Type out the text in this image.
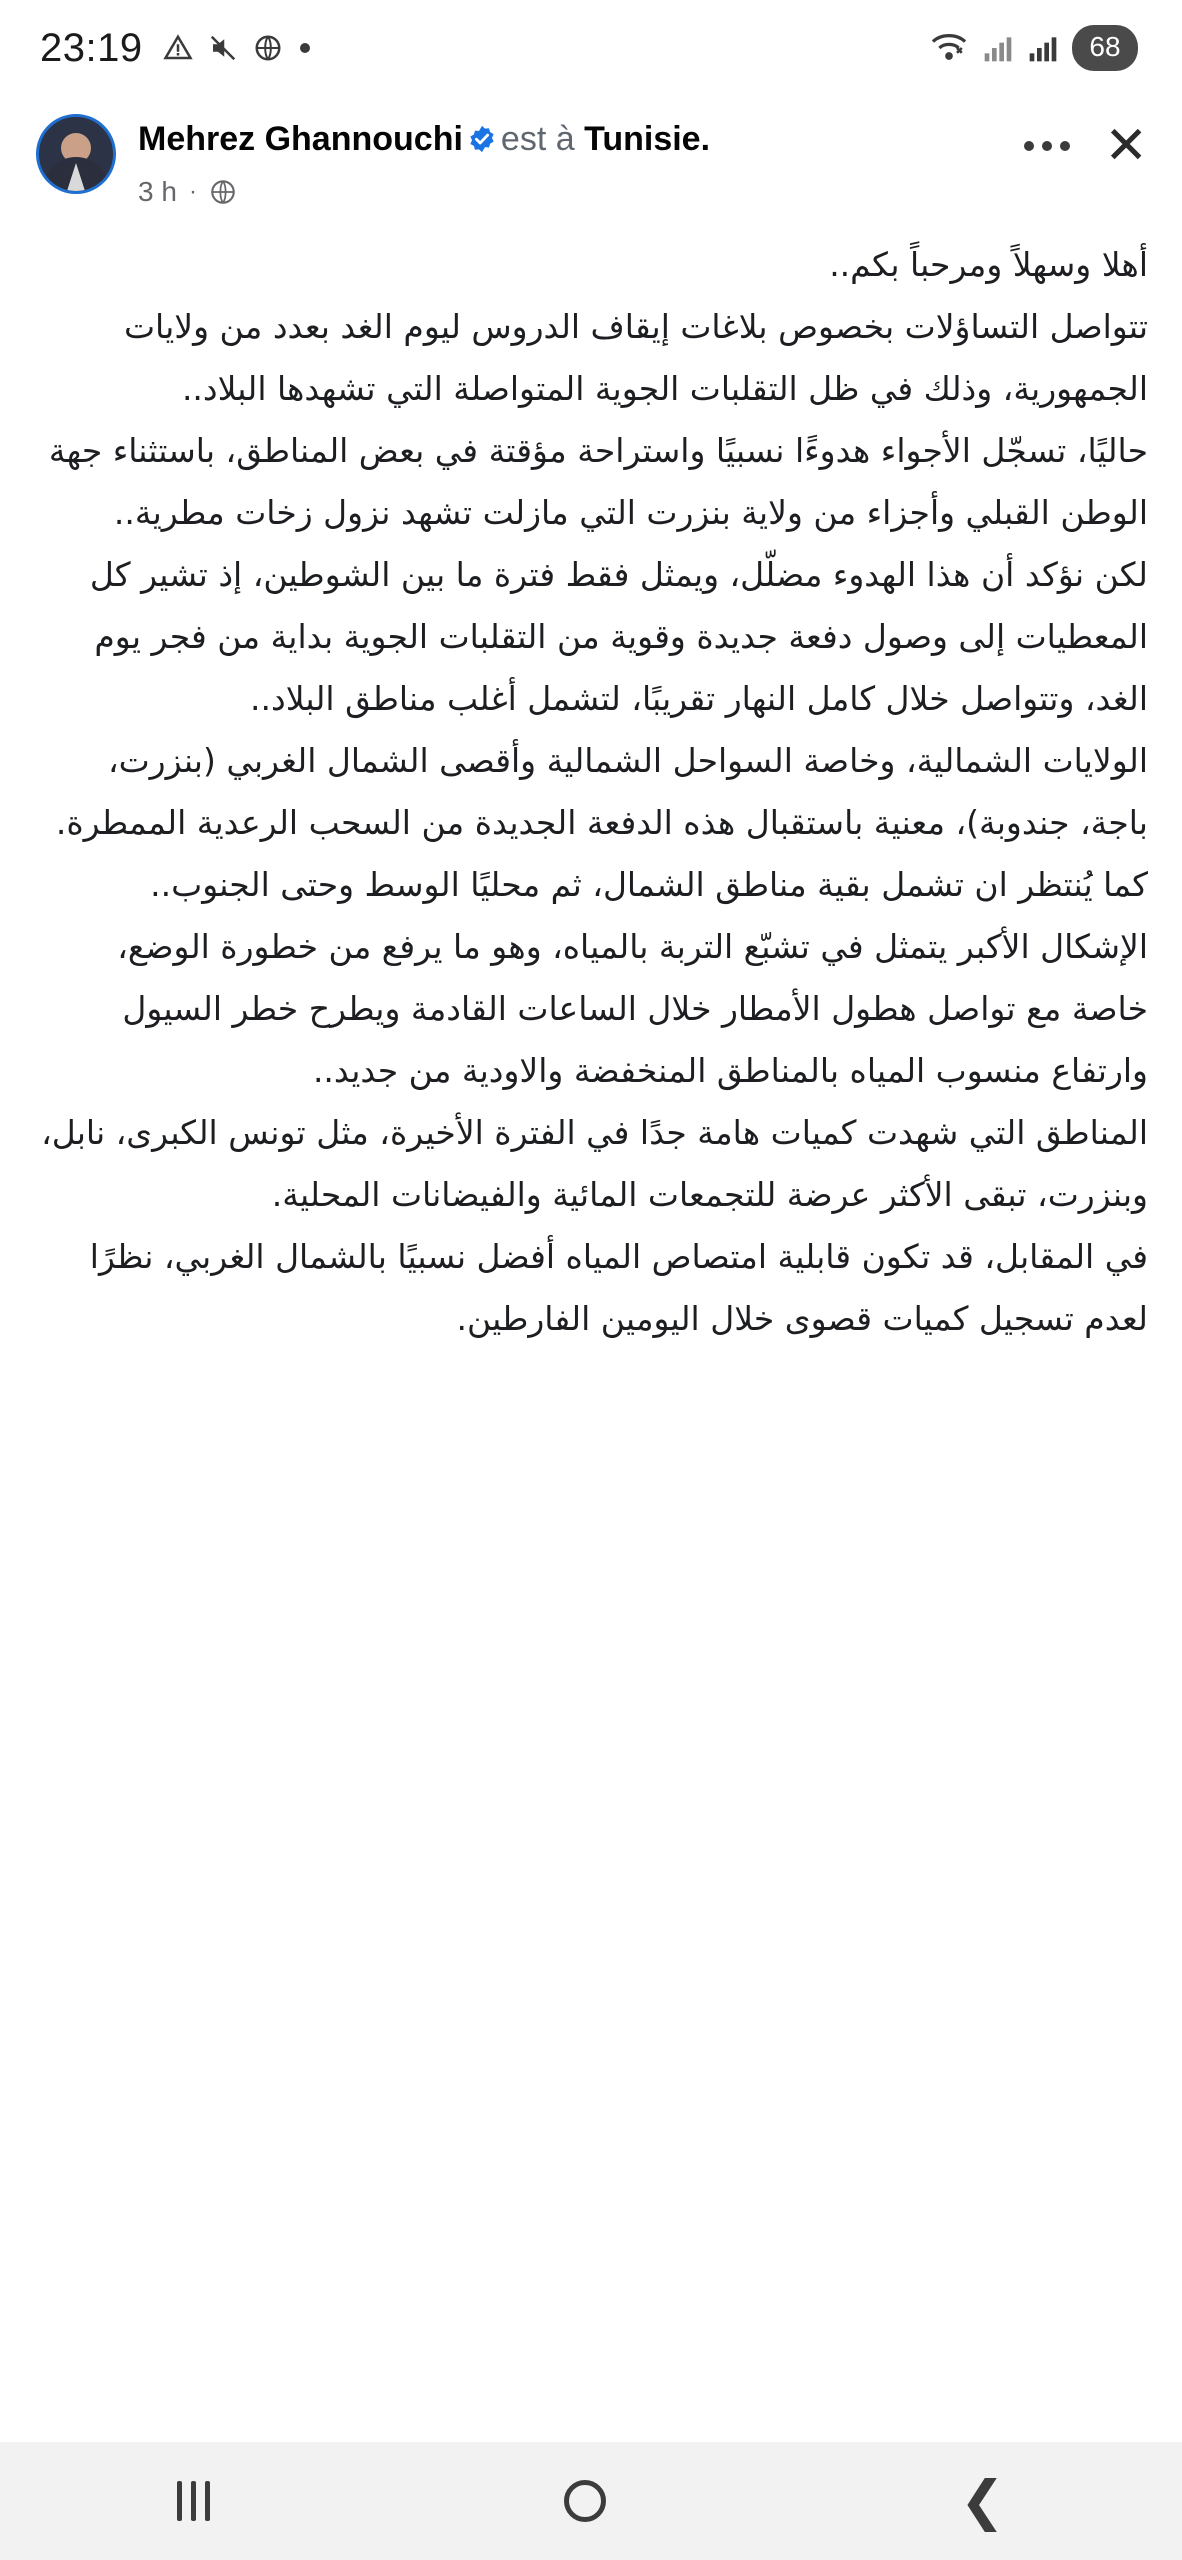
23:19	68
Mehrez Ghannouchi est à Tunisie.
3 h ·
✕

أهلا وسهلاً ومرحباً بكم..

تتواصل التساؤلات بخصوص بلاغات إيقاف الدروس ليوم الغد بعدد من ولايات الجمهورية، وذلك في ظل التقلبات الجوية المتواصلة التي تشهدها البلاد..

حاليًا، تسجّل الأجواء هدوءًا نسبيًا واستراحة مؤقتة في بعض المناطق، باستثناء جهة الوطن القبلي وأجزاء من ولاية بنزرت التي مازلت تشهد نزول زخات مطرية..

لكن نؤكد أن هذا الهدوء مضلّل، ويمثل فقط فترة ما بين الشوطين، إذ تشير كل المعطيات إلى وصول دفعة جديدة وقوية من التقلبات الجوية بداية من فجر يوم الغد، وتتواصل خلال كامل النهار تقريبًا، لتشمل أغلب مناطق البلاد..

الولايات الشمالية، وخاصة السواحل الشمالية وأقصى الشمال الغربي (بنزرت، باجة، جندوبة)، معنية باستقبال هذه الدفعة الجديدة من السحب الرعدية الممطرة. كما يُنتظر ان تشمل بقية مناطق الشمال، ثم محليًا الوسط وحتى الجنوب..

الإشكال الأكبر يتمثل في تشبّع التربة بالمياه، وهو ما يرفع من خطورة الوضع، خاصة مع تواصل هطول الأمطار خلال الساعات القادمة ويطرح خطر السيول وارتفاع منسوب المياه بالمناطق المنخفضة والاودية من جديد..

المناطق التي شهدت كميات هامة جدًا في الفترة الأخيرة، مثل تونس الكبرى، نابل، وبنزرت، تبقى الأكثر عرضة للتجمعات المائية والفيضانات المحلية.

في المقابل، قد تكون قابلية امتصاص المياه أفضل نسبيًا بالشمال الغربي، نظرًا لعدم تسجيل كميات قصوى خلال اليومين الفارطين.

❮
